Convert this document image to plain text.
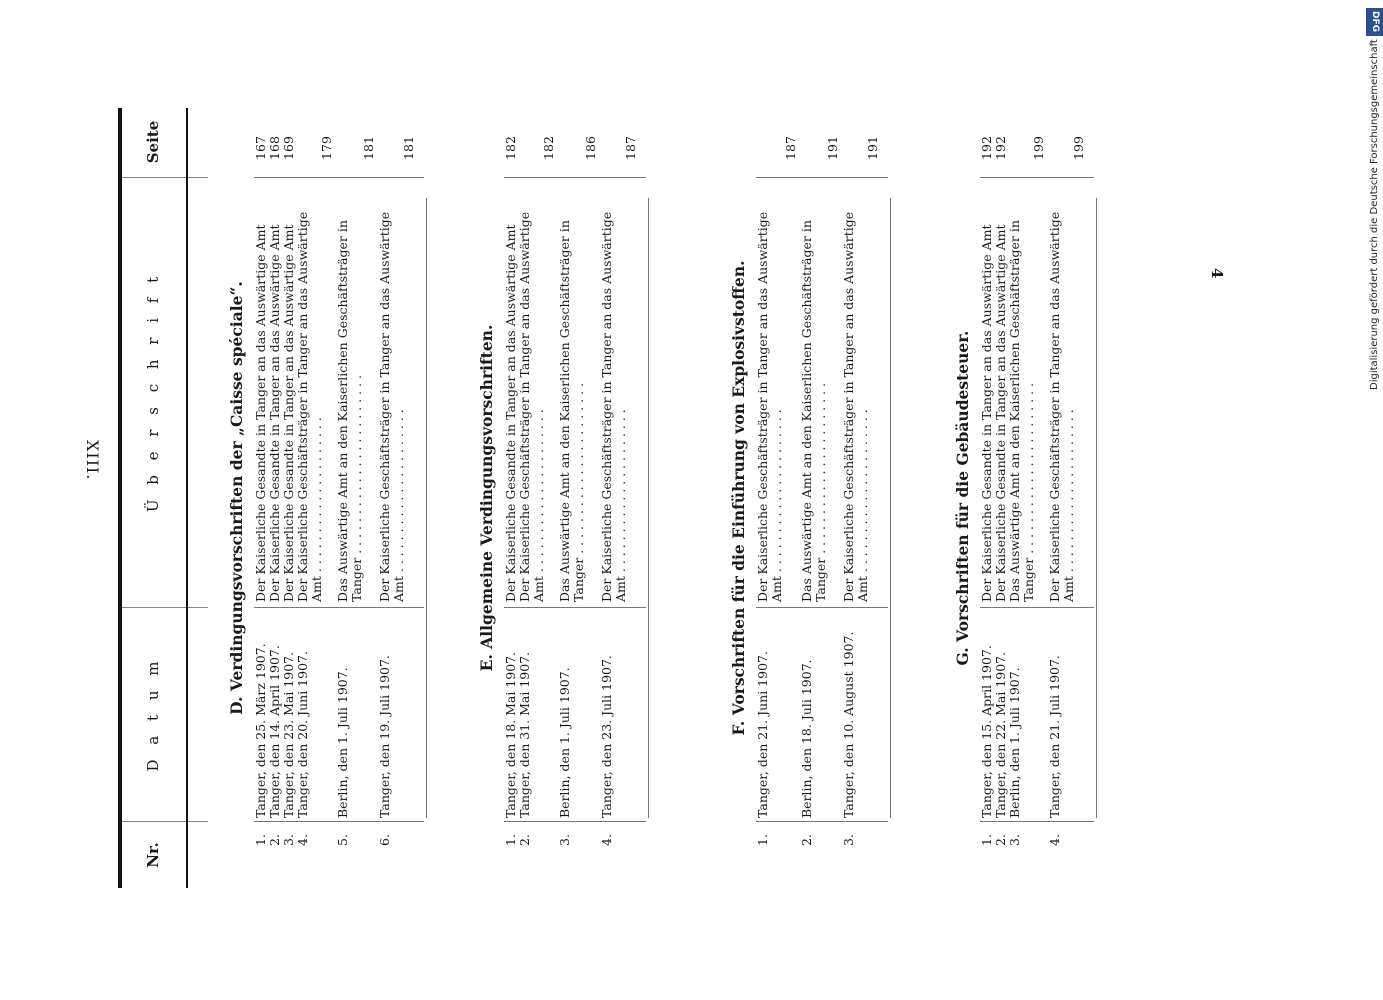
DFG
Digitalisierung gefördert durch die Deutsche Forschungsgemeinschaft
XIII.
4
Nr.
D a t u m
Ü b e r s c h r i f t
Seite
D. Verdingungsvorschriften der „Caisse spéciale“.
1.
Tanger, den 25. März 1907.
Der Kaiserliche Gesandte in Tanger an das Auswärtige Amt
167
2.
Tanger, den 14. April 1907.
Der Kaiserliche Gesandte in Tanger an das Auswärtige Amt
168
3.
Tanger, den 23. Mai 1907.
Der Kaiserliche Gesandte in Tanger an das Auswärtige Amt
169
4.
Tanger, den 20. Juni 1907.
Der Kaiserliche Geschäftsträger in Tanger an das Auswärtige Amt . . . . . . . . . . . . . . . . . . . .
179
5.
Berlin, den 1. Juli 1907.
Das Auswärtige Amt an den Kaiserlichen Geschäftsträger in Tanger . . . . . . . . . . . . . . . . . . . . . . .
181
6.
Tanger, den 19. Juli 1907.
Der Kaiserliche Geschäftsträger in Tanger an das Auswärtige Amt . . . . . . . . . . . . . . . . . . . . .
181
E. Allgemeine Verdingungsvorschriften.
1.
Tanger, den 18. Mai 1907.
Der Kaiserliche Gesandte in Tanger an das Auswärtige Amt
182
2.
Tanger, den 31. Mai 1907.
Der Kaiserliche Geschäftsträger in Tanger an das Auswärtige Amt . . . . . . . . . . . . . . . . . . . . .
182
3.
Berlin, den 1. Juli 1907.
Das Auswärtige Amt an den Kaiserlichen Geschäftsträger in Tanger . . . . . . . . . . . . . . . . . . . . . .
186
4.
Tanger, den 23. Juli 1907.
Der Kaiserliche Geschäftsträger in Tanger an das Auswärtige Amt . . . . . . . . . . . . . . . . . . . . .
187
F. Vorschriften für die Einführung von Explosivstoffen.
1.
Tanger, den 21. Juni 1907.
Der Kaiserliche Geschäftsträger in Tanger an das Auswärtige Amt . . . . . . . . . . . . . . . . . . . . .
187
2.
Berlin, den 18. Juli 1907.
Das Auswärtige Amt an den Kaiserlichen Geschäftsträger in Tanger . . . . . . . . . . . . . . . . . . . . . .
191
3.
Tanger, den 10. August 1907.
Der Kaiserliche Geschäftsträger in Tanger an das Auswärtige Amt . . . . . . . . . . . . . . . . . . . . .
191
G. Vorschriften für die Gebäudesteuer.
1.
Tanger, den 15. April 1907.
Der Kaiserliche Gesandte in Tanger an das Auswärtige Amt
192
2.
Tanger, den 22. Mai 1907.
Der Kaiserliche Gesandte in Tanger an das Auswärtige Amt
192
3.
Berlin, den 1. Juli 1907.
Das Auswärtige Amt an den Kaiserlichen Geschäftsträger in Tanger . . . . . . . . . . . . . . . . . . . . . .
199
4.
Tanger, den 21. Juli 1907.
Der Kaiserliche Geschäftsträger in Tanger an das Auswärtige Amt . . . . . . . . . . . . . . . . . . . . .
199
